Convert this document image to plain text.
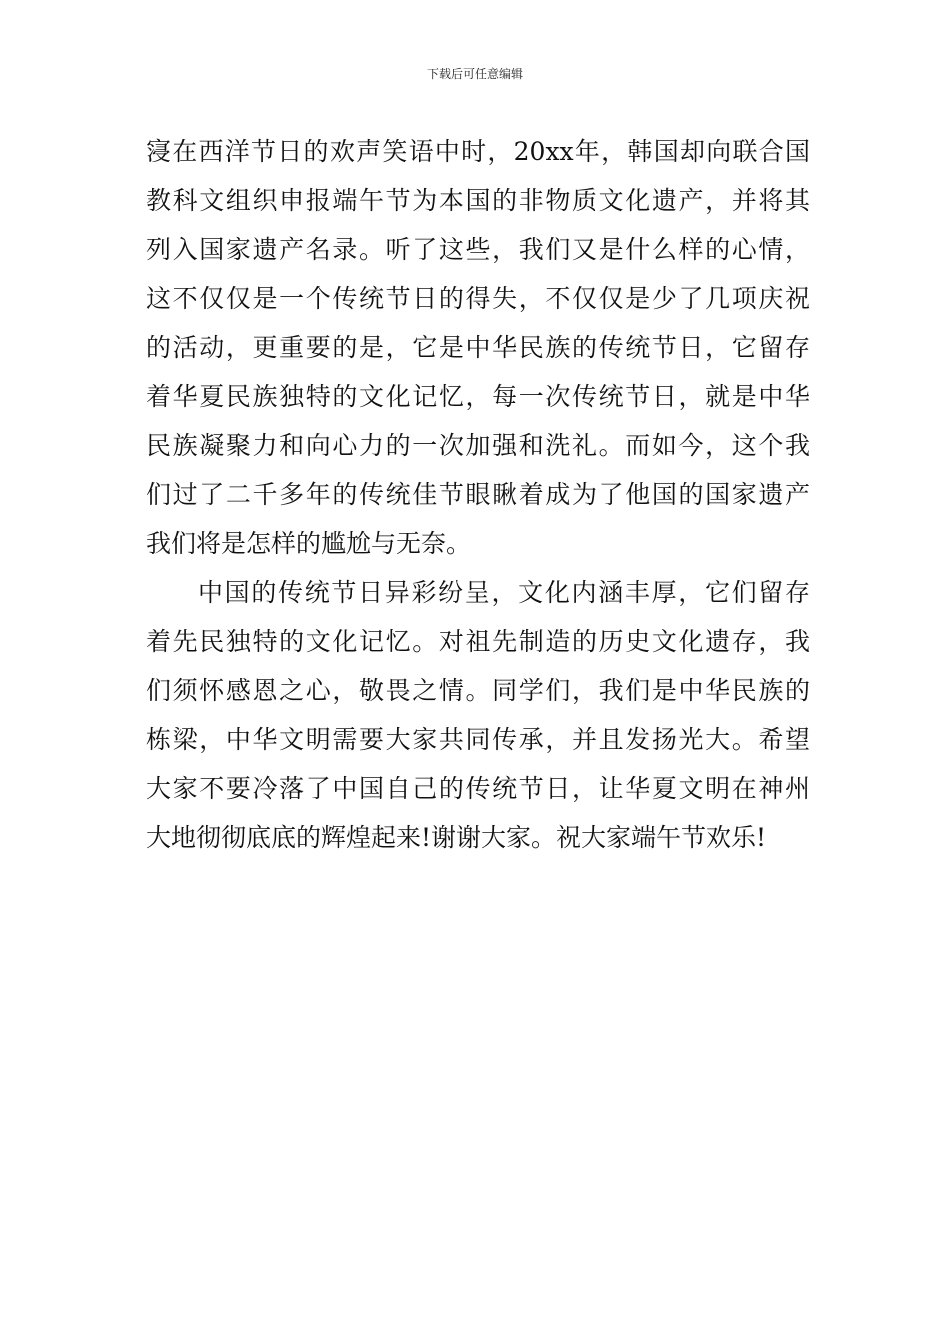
下载后可任意编辑
寖在西洋节日的欢声笑语中时，20xx年，韩国却向联合国
教科文组织申报端午节为本国的非物质文化遗产，并将其
列入国家遗产名录。听了这些，我们又是什么样的心情，
这不仅仅是一个传统节日的得失，不仅仅是少了几项庆祝
的活动，更重要的是，它是中华民族的传统节日，它留存
着华夏民族独特的文化记忆，每一次传统节日，就是中华
民族凝聚力和向心力的一次加强和洗礼。而如今，这个我
们过了二千多年的传统佳节眼瞅着成为了他国的国家遗产
我们将是怎样的尴尬与无奈。
中国的传统节日异彩纷呈，文化内涵丰厚，它们留存
着先民独特的文化记忆。对祖先制造的历史文化遗存，我
们须怀感恩之心，敬畏之情。同学们，我们是中华民族的
栋梁，中华文明需要大家共同传承，并且发扬光大。希望
大家不要冷落了中国自己的传统节日，让华夏文明在神州
大地彻彻底底的辉煌起来!谢谢大家。祝大家端午节欢乐!
